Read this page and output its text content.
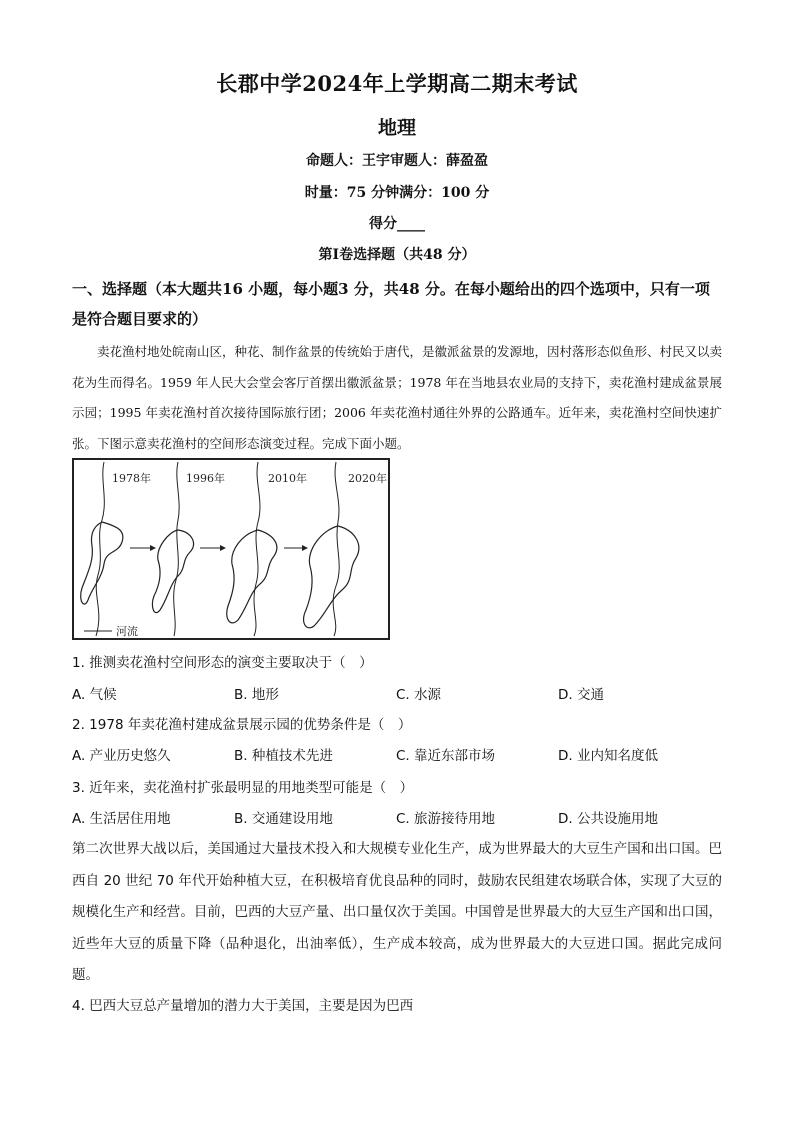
长郡中学2024年上学期高二期末考试
地理
命题人：王宇审题人：薛盈盈
时量：75 分钟满分：100 分
得分____
第Ⅰ卷选择题（共48 分）
一、选择题（本大题共16 小题，每小题3 分，共48 分。在每小题给出的四个选项中，只有一项是符合题目要求的）
卖花渔村地处皖南山区，种花、制作盆景的传统始于唐代，是徽派盆景的发源地，因村落形态似鱼形、村民又以卖花为生而得名。1959 年人民大会堂会客厅首摆出徽派盆景；1978 年在当地县农业局的支持下，卖花渔村建成盆景展示园；1995 年卖花渔村首次接待国际旅行团；2006 年卖花渔村通往外界的公路通车。近年来，卖花渔村空间快速扩张。下图示意卖花渔村的空间形态演变过程。完成下面小题。
1978年	1996年	2010年	2020年
河流
1. 推测卖花渔村空间形态的演变主要取决于（　）
A. 气候	B. 地形	C. 水源	D. 交通
2. 1978 年卖花渔村建成盆景展示园的优势条件是（　）
A. 产业历史悠久	B. 种植技术先进	C. 靠近东部市场	D. 业内知名度低
3. 近年来，卖花渔村扩张最明显的用地类型可能是（　）
A. 生活居住用地	B. 交通建设用地	C. 旅游接待用地	D. 公共设施用地
第二次世界大战以后，美国通过大量技术投入和大规模专业化生产，成为世界最大的大豆生产国和出口国。巴西自 20 世纪 70 年代开始种植大豆，在积极培育优良品种的同时，鼓励农民组建农场联合体，实现了大豆的规模化生产和经营。目前，巴西的大豆产量、出口量仅次于美国。中国曾是世界最大的大豆生产国和出口国，近些年大豆的质量下降（品种退化，出油率低），生产成本较高，成为世界最大的大豆进口国。据此完成问题。
4. 巴西大豆总产量增加的潜力大于美国，主要是因为巴西
